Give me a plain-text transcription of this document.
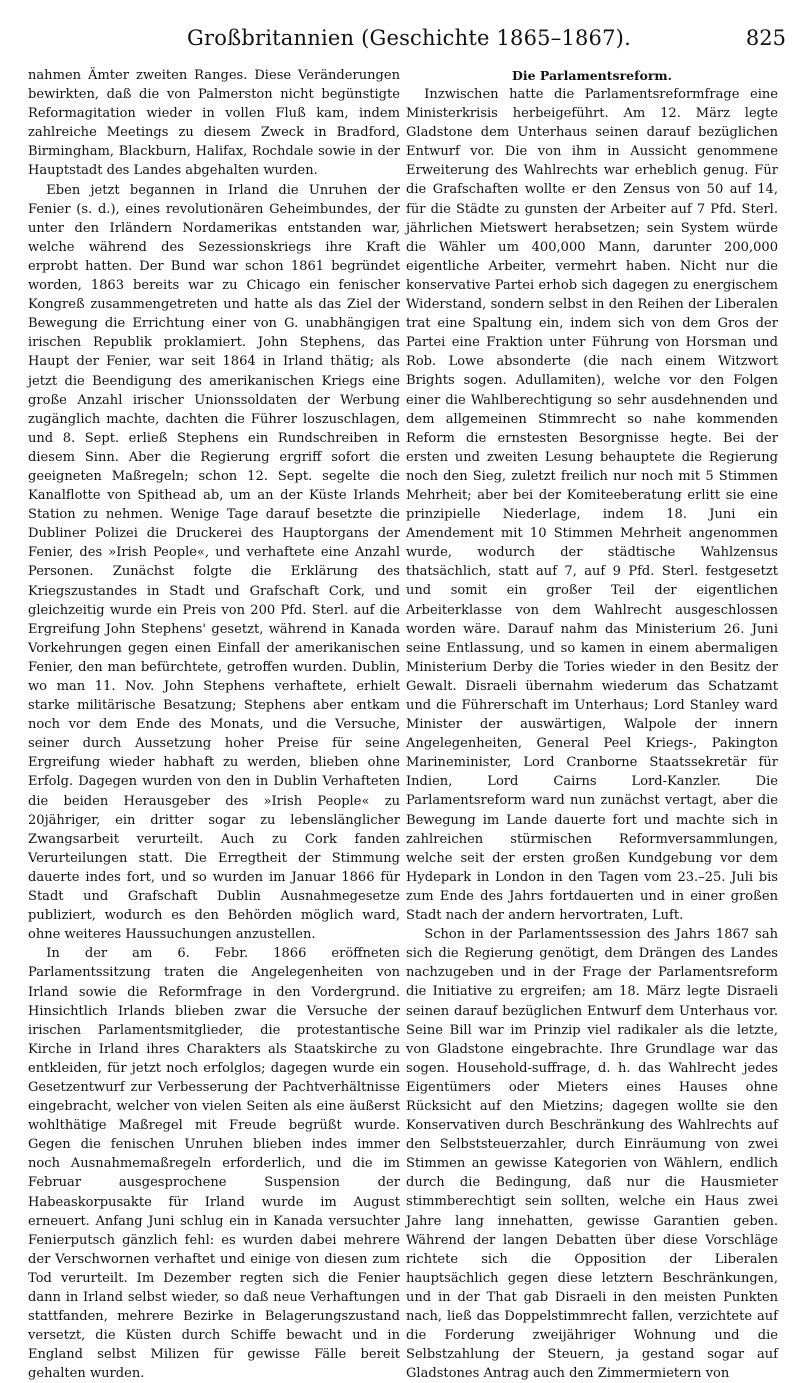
Großbritannien (Geschichte 1865–1867).	825

nahmen Ämter zweiten Ranges. Diese Veränderungen bewirkten, daß die von Palmerston nicht begünstigte Reformagitation wieder in vollen Fluß kam, indem zahlreiche Meetings zu diesem Zweck in Bradford, Birmingham, Blackburn, Halifax, Rochdale sowie in der Hauptstadt des Landes abgehalten wurden.

Eben jetzt begannen in Irland die Unruhen der Fenier (s. d.), eines revolutionären Geheimbundes, der unter den Irländern Nordamerikas entstanden war, welche während des Sezessionskriegs ihre Kraft erprobt hatten. Der Bund war schon 1861 begründet worden, 1863 bereits war zu Chicago ein fenischer Kongreß zusammengetreten und hatte als das Ziel der Bewegung die Errichtung einer von G. unabhängigen irischen Republik proklamiert. John Stephens, das Haupt der Fenier, war seit 1864 in Irland thätig; als jetzt die Beendigung des amerikanischen Kriegs eine große Anzahl irischer Unionssoldaten der Werbung zugänglich machte, dachten die Führer loszuschlagen, und 8. Sept. erließ Stephens ein Rundschreiben in diesem Sinn. Aber die Regierung ergriff sofort die geeigneten Maßregeln; schon 12. Sept. segelte die Kanalflotte von Spithead ab, um an der Küste Irlands Station zu nehmen. Wenige Tage darauf besetzte die Dubliner Polizei die Druckerei des Hauptorgans der Fenier, des »Irish People«, und verhaftete eine Anzahl Personen. Zunächst folgte die Erklärung des Kriegszustandes in Stadt und Grafschaft Cork, und gleichzeitig wurde ein Preis von 200 Pfd. Sterl. auf die Ergreifung John Stephens' gesetzt, während in Kanada Vorkehrungen gegen einen Einfall der amerikanischen Fenier, den man befürchtete, getroffen wurden. Dublin, wo man 11. Nov. John Stephens verhaftete, erhielt starke militärische Besatzung; Stephens aber entkam noch vor dem Ende des Monats, und die Versuche, seiner durch Aussetzung hoher Preise für seine Ergreifung wieder habhaft zu werden, blieben ohne Erfolg. Dagegen wurden von den in Dublin Verhafteten die beiden Herausgeber des »Irish People« zu 20jähriger, ein dritter sogar zu lebenslänglicher Zwangsarbeit verurteilt. Auch zu Cork fanden Verurteilungen statt. Die Erregtheit der Stimmung dauerte indes fort, und so wurden im Januar 1866 für Stadt und Grafschaft Dublin Ausnahmegesetze publiziert, wodurch es den Behörden möglich ward, ohne weiteres Haussuchungen anzustellen.

In der am 6. Febr. 1866 eröffneten Parlamentssitzung traten die Angelegenheiten von Irland sowie die Reformfrage in den Vordergrund. Hinsichtlich Irlands blieben zwar die Versuche der irischen Parlamentsmitglieder, die protestantische Kirche in Irland ihres Charakters als Staatskirche zu entkleiden, für jetzt noch erfolglos; dagegen wurde ein Gesetzentwurf zur Verbesserung der Pachtverhältnisse eingebracht, welcher von vielen Seiten als eine äußerst wohlthätige Maßregel mit Freude begrüßt wurde. Gegen die fenischen Unruhen blieben indes immer noch Ausnahmemaßregeln erforderlich, und die im Februar ausgesprochene Suspension der Habeaskorpusakte für Irland wurde im August erneuert. Anfang Juni schlug ein in Kanada versuchter Fenierputsch gänzlich fehl: es wurden dabei mehrere der Verschwornen verhaftet und einige von diesen zum Tod verurteilt. Im Dezember regten sich die Fenier dann in Irland selbst wieder, so daß neue Verhaftungen stattfanden, mehrere Bezirke in Belagerungszustand versetzt, die Küsten durch Schiffe bewacht und in England selbst Milizen für gewisse Fälle bereit gehalten wurden.

Die Parlamentsreform.

Inzwischen hatte die Parlamentsreformfrage eine Ministerkrisis herbeigeführt. Am 12. März legte Gladstone dem Unterhaus seinen darauf bezüglichen Entwurf vor. Die von ihm in Aussicht genommene Erweiterung des Wahlrechts war erheblich genug. Für die Grafschaften wollte er den Zensus von 50 auf 14, für die Städte zu gunsten der Arbeiter auf 7 Pfd. Sterl. jährlichen Mietswert herabsetzen; sein System würde die Wähler um 400,000 Mann, darunter 200,000 eigentliche Arbeiter, vermehrt haben. Nicht nur die konservative Partei erhob sich dagegen zu energischem Widerstand, sondern selbst in den Reihen der Liberalen trat eine Spaltung ein, indem sich von dem Gros der Partei eine Fraktion unter Führung von Horsman und Rob. Lowe absonderte (die nach einem Witzwort Brights sogen. Adullamiten), welche vor den Folgen einer die Wahlberechtigung so sehr ausdehnenden und dem allgemeinen Stimmrecht so nahe kommenden Reform die ernstesten Besorgnisse hegte. Bei der ersten und zweiten Lesung behauptete die Regierung noch den Sieg, zuletzt freilich nur noch mit 5 Stimmen Mehrheit; aber bei der Komiteeberatung erlitt sie eine prinzipielle Niederlage, indem 18. Juni ein Amendement mit 10 Stimmen Mehrheit angenommen wurde, wodurch der städtische Wahlzensus thatsächlich, statt auf 7, auf 9 Pfd. Sterl. festgesetzt und somit ein großer Teil der eigentlichen Arbeiterklasse von dem Wahlrecht ausgeschlossen worden wäre. Darauf nahm das Ministerium 26. Juni seine Entlassung, und so kamen in einem abermaligen Ministerium Derby die Tories wieder in den Besitz der Gewalt. Disraeli übernahm wiederum das Schatzamt und die Führerschaft im Unterhaus; Lord Stanley ward Minister der auswärtigen, Walpole der innern Angelegenheiten, General Peel Kriegs-, Pakington Marineminister, Lord Cranborne Staatssekretär für Indien, Lord Cairns Lord-Kanzler. Die Parlamentsreform ward nun zunächst vertagt, aber die Bewegung im Lande dauerte fort und machte sich in zahlreichen stürmischen Reformversammlungen, welche seit der ersten großen Kundgebung vor dem Hydepark in London in den Tagen vom 23.–25. Juli bis zum Ende des Jahrs fortdauerten und in einer großen Stadt nach der andern hervortraten, Luft.

Schon in der Parlamentssession des Jahrs 1867 sah sich die Regierung genötigt, dem Drängen des Landes nachzugeben und in der Frage der Parlamentsreform die Initiative zu ergreifen; am 18. März legte Disraeli seinen darauf bezüglichen Entwurf dem Unterhaus vor. Seine Bill war im Prinzip viel radikaler als die letzte, von Gladstone eingebrachte. Ihre Grundlage war das sogen. Household-suffrage, d. h. das Wahlrecht jedes Eigentümers oder Mieters eines Hauses ohne Rücksicht auf den Mietzins; dagegen wollte sie den Konservativen durch Beschränkung des Wahlrechts auf den Selbststeuerzahler, durch Einräumung von zwei Stimmen an gewisse Kategorien von Wählern, endlich durch die Bedingung, daß nur die Hausmieter stimmberechtigt sein sollten, welche ein Haus zwei Jahre lang innehatten, gewisse Garantien geben. Während der langen Debatten über diese Vorschläge richtete sich die Opposition der Liberalen hauptsächlich gegen diese letztern Beschränkungen, und in der That gab Disraeli in den meisten Punkten nach, ließ das Doppelstimmrecht fallen, verzichtete auf die Forderung zweijähriger Wohnung und die Selbstzahlung der Steuern, ja gestand sogar auf Gladstones Antrag auch den Zimmermietern von
